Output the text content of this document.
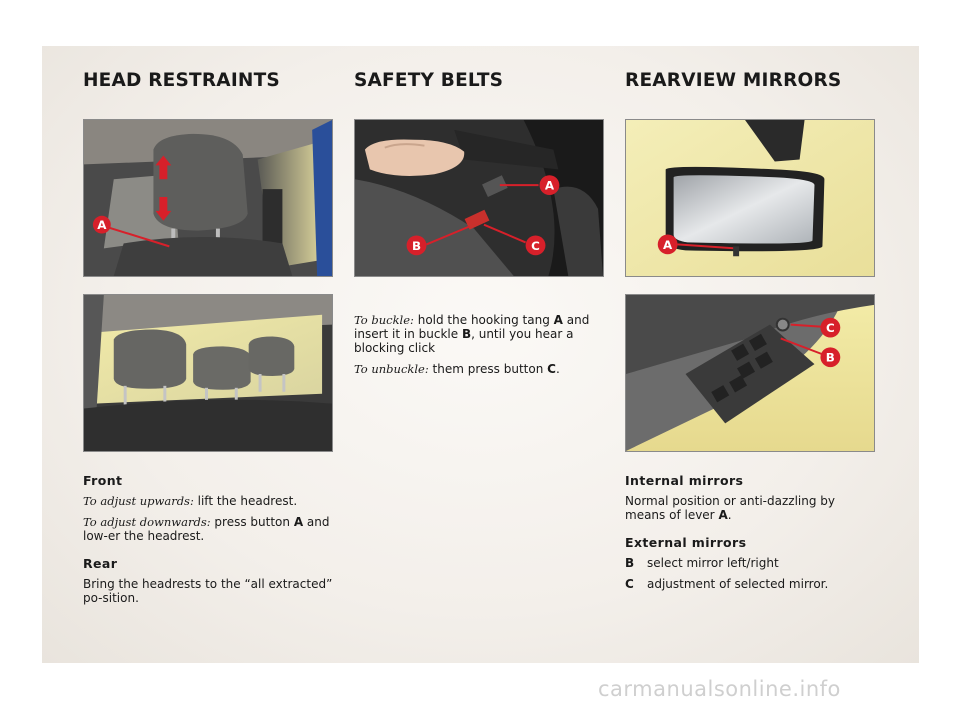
HEAD RESTRAINTS
A
Front

To adjust upwards: lift the headrest.

To adjust downwards: press button A and low-er the headrest.

Rear

Bring the headrests to the “all extracted” po-sition.

SAFETY BELTS
A
B	C

To buckle: hold the hooking tang A and insert it in buckle B, until you hear a blocking click

To unbuckle: them press button C.

REARVIEW MIRRORS
A
C
B
Internal mirrors

Normal position or anti-dazzling by means of lever A.

External mirrors
B	select mirror left/right
C	adjustment of selected mirror.
carmanualsonline.info
